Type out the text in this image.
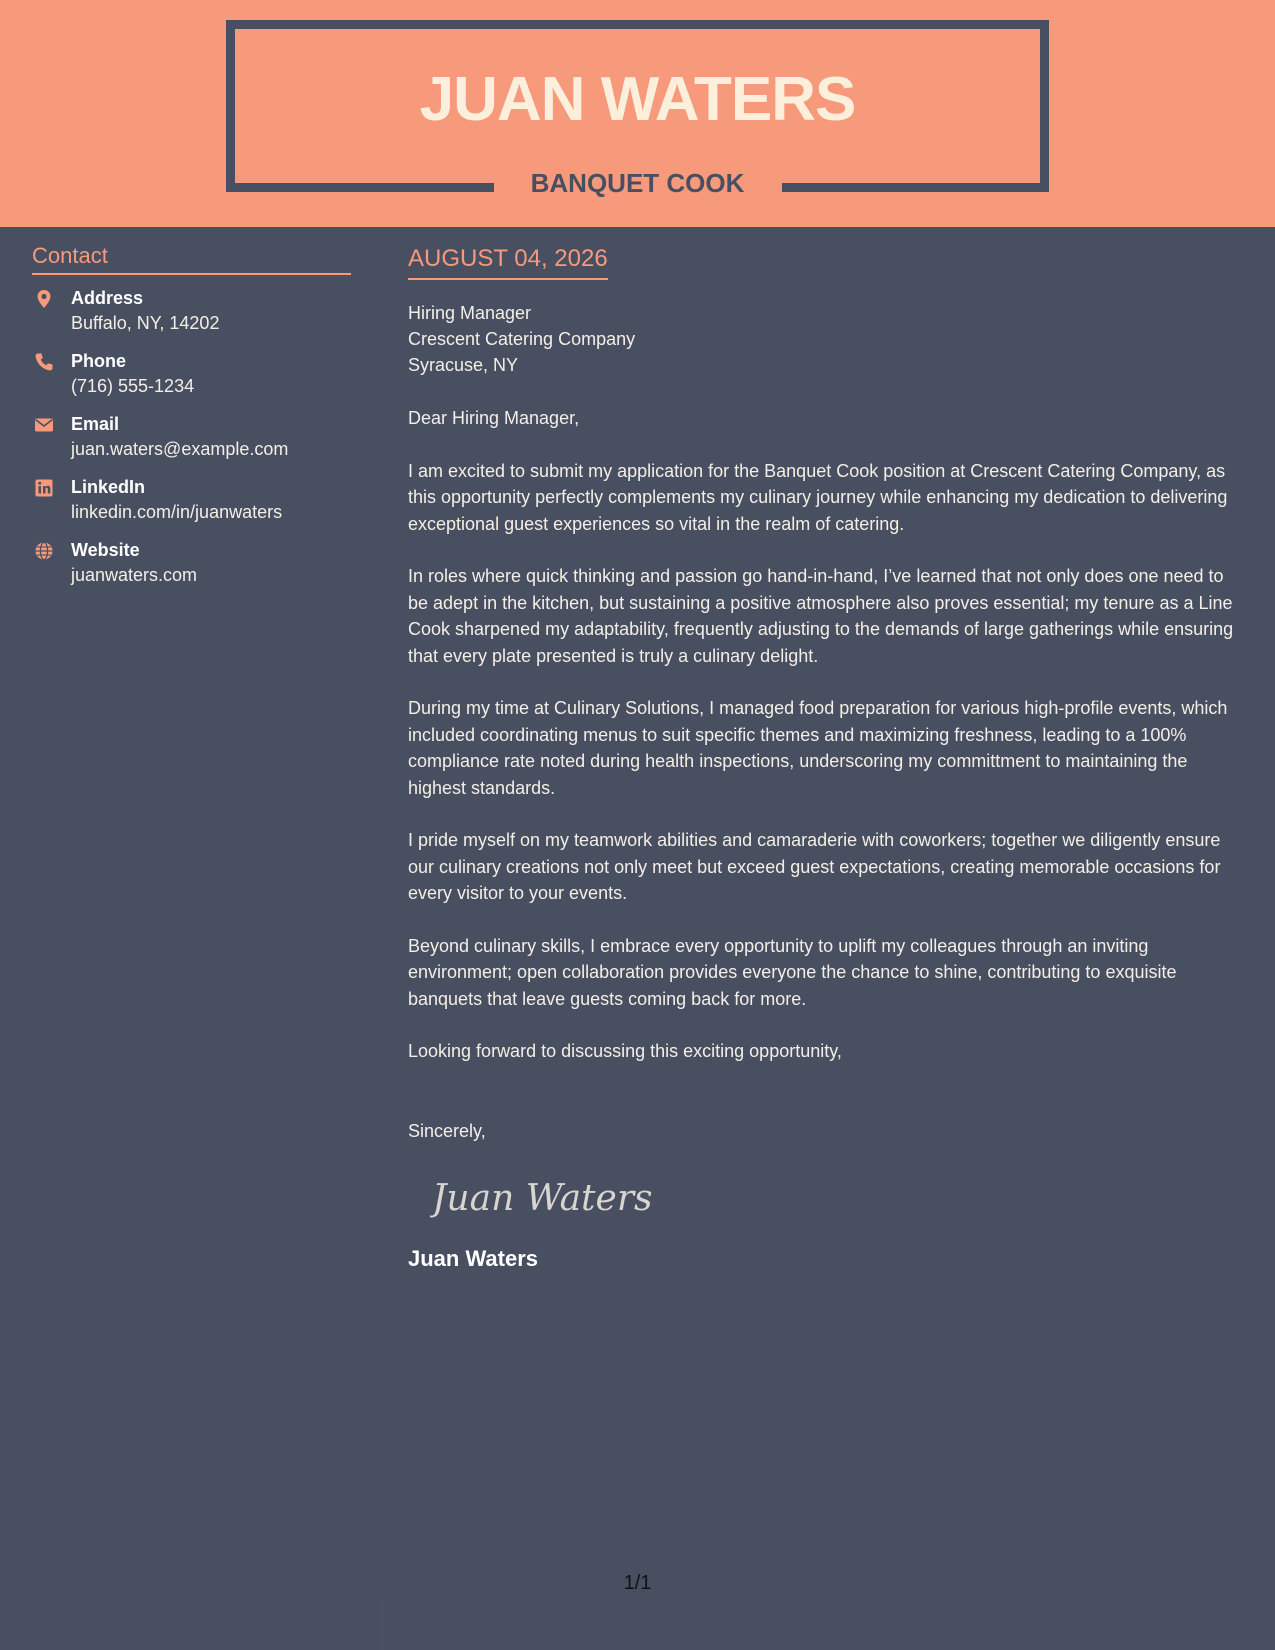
JUAN WATERS
BANQUET COOK
Contact
Address
Buffalo, NY, 14202
Phone
(716) 555-1234
Email
juan.waters@example.com
LinkedIn
linkedin.com/in/juanwaters
Website
juanwaters.com
AUGUST 04, 2026
Hiring Manager
Crescent Catering Company
Syracuse, NY

Dear Hiring Manager,

I am excited to submit my application for the Banquet Cook position at Crescent Catering Company, as this opportunity perfectly complements my culinary journey while enhancing my dedication to delivering exceptional guest experiences so vital in the realm of catering.

In roles where quick thinking and passion go hand-in-hand, I’ve learned that not only does one need to be adept in the kitchen, but sustaining a positive atmosphere also proves essential; my tenure as a Line Cook sharpened my adaptability, frequently adjusting to the demands of large gatherings while ensuring that every plate presented is truly a culinary delight.

During my time at Culinary Solutions, I managed food preparation for various high-profile events, which included coordinating menus to suit specific themes and maximizing freshness, leading to a 100% compliance rate noted during health inspections, underscoring my committment to maintaining the highest standards.

I pride myself on my teamwork abilities and camaraderie with coworkers; together we diligently ensure our culinary creations not only meet but exceed guest expectations, creating memorable occasions for every visitor to your events.

Beyond culinary skills, I embrace every opportunity to uplift my colleagues through an inviting environment; open collaboration provides everyone the chance to shine, contributing to exquisite banquets that leave guests coming back for more.

Looking forward to discussing this exciting opportunity,

Sincerely,

Juan Waters
Juan Waters
1/1
